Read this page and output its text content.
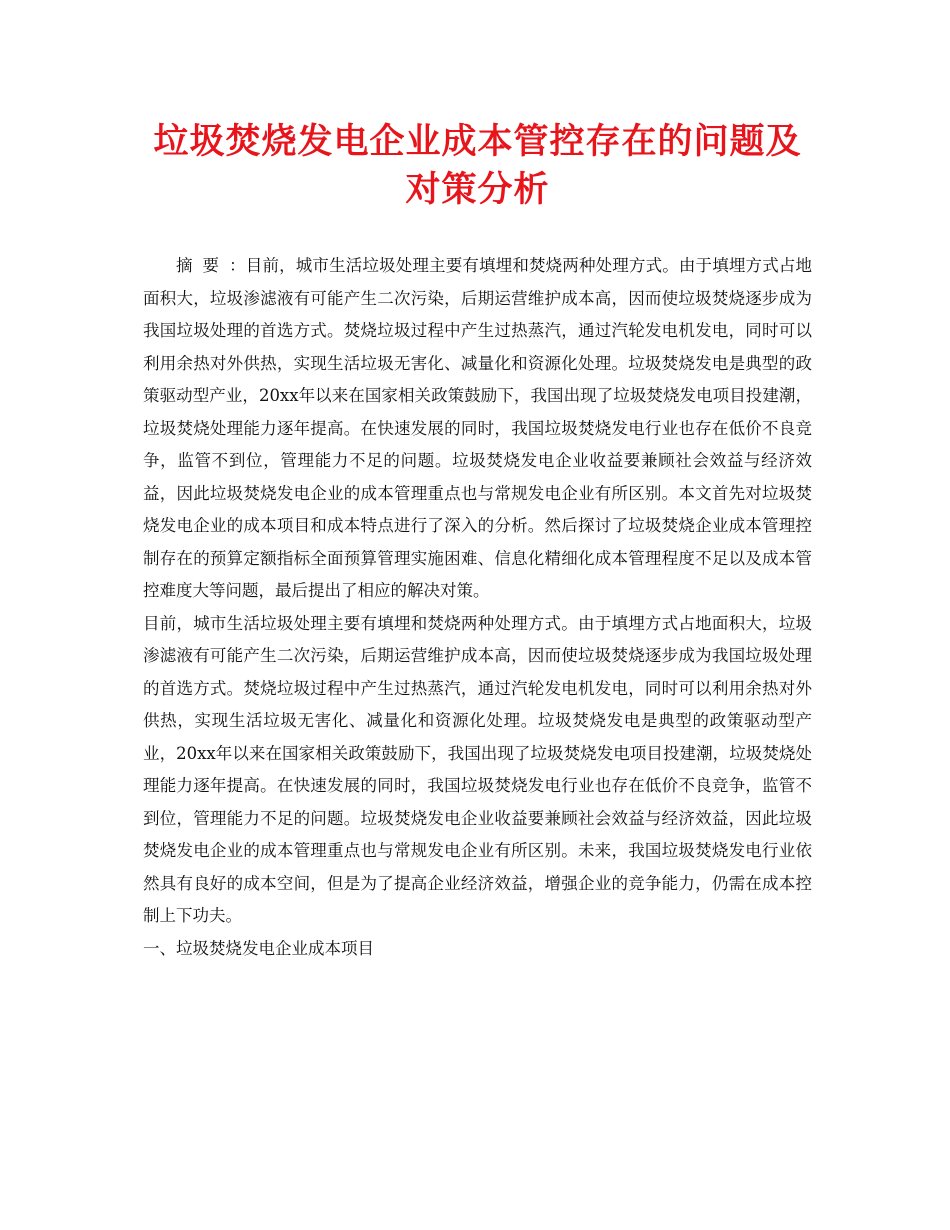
垃圾焚烧发电企业成本管控存在的问题及对策分析

摘要：目前，城市生活垃圾处理主要有填埋和焚烧两种处理方式。由于填埋方式占地面积大，垃圾渗滤液有可能产生二次污染，后期运营维护成本高，因而使垃圾焚烧逐步成为我国垃圾处理的首选方式。焚烧垃圾过程中产生过热蒸汽，通过汽轮发电机发电，同时可以利用余热对外供热，实现生活垃圾无害化、减量化和资源化处理。垃圾焚烧发电是典型的政策驱动型产业，20xx年以来在国家相关政策鼓励下，我国出现了垃圾焚烧发电项目投建潮，垃圾焚烧处理能力逐年提高。在快速发展的同时，我国垃圾焚烧发电行业也存在低价不良竞争，监管不到位，管理能力不足的问题。垃圾焚烧发电企业收益要兼顾社会效益与经济效益，因此垃圾焚烧发电企业的成本管理重点也与常规发电企业有所区别。本文首先对垃圾焚烧发电企业的成本项目和成本特点进行了深入的分析。然后探讨了垃圾焚烧企业成本管理控制存在的预算定额指标全面预算管理实施困难、信息化精细化成本管理程度不足以及成本管控难度大等问题，最后提出了相应的解决对策。

目前，城市生活垃圾处理主要有填埋和焚烧两种处理方式。由于填埋方式占地面积大，垃圾渗滤液有可能产生二次污染，后期运营维护成本高，因而使垃圾焚烧逐步成为我国垃圾处理的首选方式。焚烧垃圾过程中产生过热蒸汽，通过汽轮发电机发电，同时可以利用余热对外供热，实现生活垃圾无害化、减量化和资源化处理。垃圾焚烧发电是典型的政策驱动型产业，20xx年以来在国家相关政策鼓励下，我国出现了垃圾焚烧发电项目投建潮，垃圾焚烧处理能力逐年提高。在快速发展的同时，我国垃圾焚烧发电行业也存在低价不良竞争，监管不到位，管理能力不足的问题。垃圾焚烧发电企业收益要兼顾社会效益与经济效益，因此垃圾焚烧发电企业的成本管理重点也与常规发电企业有所区别。未来，我国垃圾焚烧发电行业依然具有良好的成本空间，但是为了提高企业经济效益，增强企业的竞争能力，仍需在成本控制上下功夫。

一、垃圾焚烧发电企业成本项目
